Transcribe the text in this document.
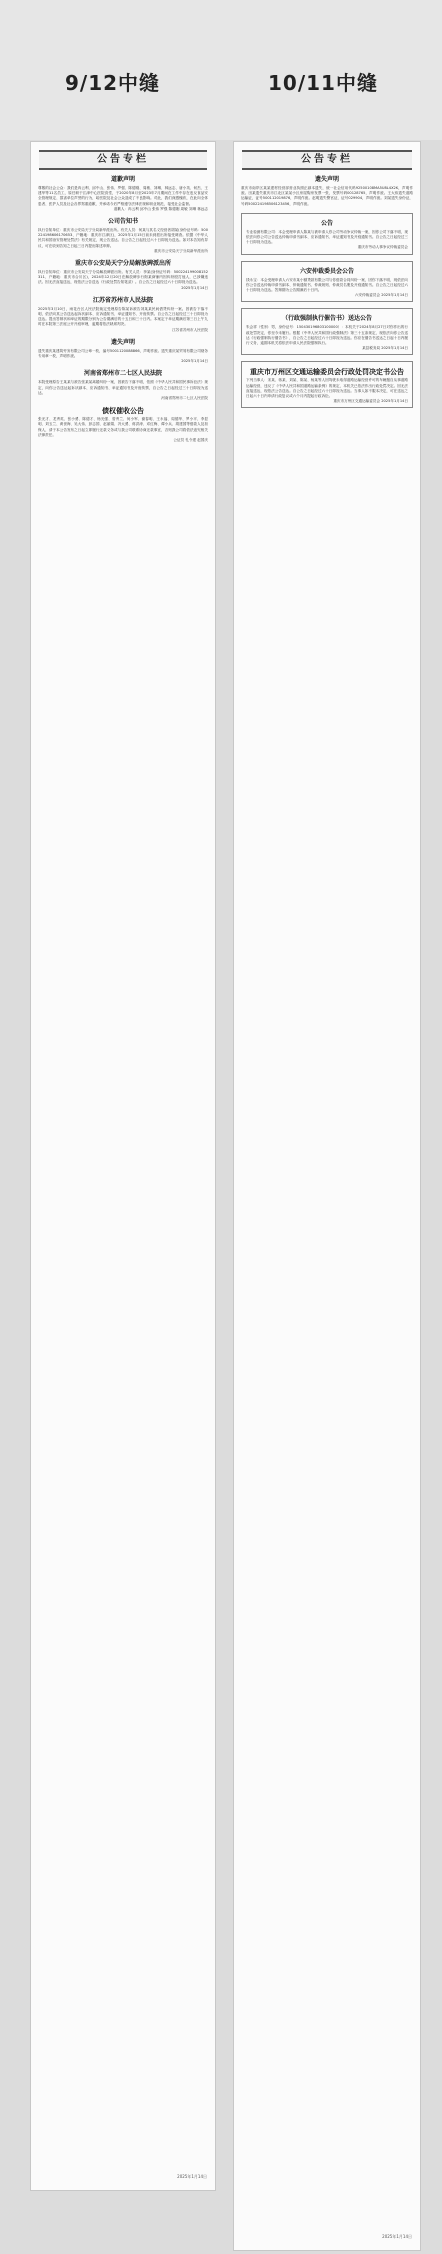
9/12中缝	10/11中缝
公告专栏
道歉声明
尊敬的社会公众：我们是冉云利、邱中山、张伟、罗强、陈德刚、周敏、刘琳、林远志、唐小英、何杰、王建华等11名员工，原任职于江津中心医院食堂，于2020年8月至2023年7月期间在工作中存在违反食品安全管理规定、损害单位声誉的行为，给医院及社会公众造成了不良影响。对此，我们深感愧疚，在此向全体患者、医护人员及社会各界郑重道歉，并承诺今后严格遵守法律法规和职业规范，接受社会监督。
道歉人：冉云利 邱中山 张伟 罗强 陈德刚 周敏 刘琳 林远志
公司告知书
执行告知单位：重庆市公安局天宁分局新华派出所。有关人员：何某与其名义经营者胡某(身份证号码：500224198606170653、户籍地：重庆市江津区)，2025年1月15日前未到派出所接受调查。依据《中华人民共和国治安管理处罚法》有关规定，现公告送达。自公告之日起经过六十日即视为送达。如对本告知有异议，可在收到告知之日起三日内提出陈述申辩。
重庆市公安局天宁分局新华派出所
重庆市公安局天宁分局解放碑派出所
执行告知单位：重庆市公安局天宁分局解放碑派出所。有关人员：李某(身份证号码：500224199008152311、户籍地：重庆市合川区)，2024年12月20日在解放碑步行街某商铺内因纠纷殴打他人，已涉嫌违法。因无法直接送达，现依法公告送达《行政处罚告知笔录》。自公告之日起经过六十日即视为送达。
2025年1月14日
江苏省苏州市人民法院
2025年3月10日，雨花台区人民法院裁定受理原告陈某诉被告刘某某民间借贷纠纷一案。因被告下落不明，依法向其公告送达起诉状副本、应诉通知书、举证通知书、开庭传票。自公告之日起经过三十日即视为送达。提出答辩状和举证的期限分别为公告期满后的十五日和三十日内。本案定于举证期满后第三日上午九时在本院第三法庭公开开庭审理，逾期将依法缺席判决。
江苏省苏州市人民法院
遗失声明
遗失重庆某建筑劳务有限公司公章一枚，编号5001120088866，声明作废。遗失重庆某贸易有限公司财务专用章一枚，声明作废。
2025年1月14日
河南省郑州市二七区人民法院
本院受理原告王某某与被告张某某离婚纠纷一案，因被告下落不明，依照《中华人民共和国民事诉讼法》规定，向你公告送达起诉状副本、应诉通知书、举证通知书及开庭传票，自公告之日起经过三十日即视为送达。
河南省郑州市二七区人民法院
债权催收公告
张光才、龙秀英、张小勇、陈德才、杨光强、曾秀兰、何小军、谢春明、王永福、周德华、罗小平、李显明、刘玉兰、黄世海、吴大伟、彭志国、赵丽娟、冯大勇、蒋洪涛、邓红梅、谭小兵、胡建国等借款人及担保人，请于本公告发布之日起立即履行还款义务或与我公司联系协商还款事宜，否则我公司将依法追究相关法律责任。
公证员 孔令建 赵国庆
2025年1月14日
公告专栏
遗失声明
重庆市南岸区某某建材经营部营业执照正副本遗失，统一社会信用代码92500108MA5U8L4X2K，声明作废。田某遗失重庆市江北区某某小区房屋购房发票一张，发票号码00128765，声明作废。王大伟遗失道路运输证，证号500112019876，声明作废。赵明遗失警官证，证号029904，声明作废。刘某遗失身份证，号码500224198506123456，声明作废。
公告
专业检测有限公司：本会受理申请人陈某与被申请人你公司劳动争议仲裁一案，因你公司下落不明，现依法向你公司公告送达仲裁申请书副本、应诉通知书、举证通知书及开庭通知书。自公告之日起经过三十日即视为送达。
重庆市劳动人事争议仲裁委员会
六安仲裁委员会公告
钱永宝：本会受理申请人六安市某小额贷款有限公司与你借款合同纠纷一案，因你下落不明，现依法向你公告送达仲裁申请书副本、仲裁通知书、仲裁规则、仲裁员名册及开庭通知书。自公告之日起经过六十日即视为送达。答辩期为公告期满后十日内。
六安仲裁委员会 2025年1月14日
（行政强制执行催告书）送达公告
朱会祥（性别：男，身份证号：150430196803100000）：本机关于2024年8月27日对你作出的行政处罚决定，你至今未履行。根据《中华人民共和国行政强制法》第三十五条规定，现依法向你公告送达《行政强制执行催告书》，自公告之日起经过六十日即视为送达。你应在催告书送达之日起十日内履行义务，逾期本机关将依法申请人民法院强制执行。
某县税务局 2025年1月14日
重庆市万州区交通运输委员会行政处罚决定书公告
下列当事人：宋某、蒋某、刘某、陈某、杨某等人因驾驶未取得道路运输经营许可的车辆擅自从事道路运输经营，违反了《中华人民共和国道路运输条例》的规定，本机关已依法作出行政处罚决定。因无法直接送达，现依法公告送达。自公告之日起经过六十日即视为送达。当事人如不服本决定，可在送达之日起六十日内申请行政复议或六个月内提起行政诉讼。
重庆市万州区交通运输委员会 2025年1月14日
2025年1月14日
